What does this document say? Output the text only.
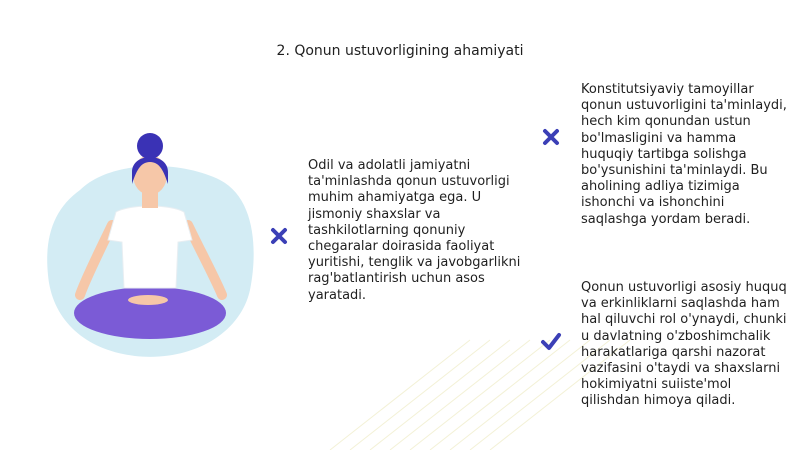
2. Qonun ustuvorligining ahamiyati

Odil va adolatli jamiyatni ta'minlashda qonun ustuvorligi muhim ahamiyatga ega. U jismoniy shaxslar va tashkilotlarning qonuniy chegaralar doirasida faoliyat yuritishi, tenglik va javobgarlikni rag'batlantirish uchun asos yaratadi.

Konstitutsiyaviy tamoyillar qonun ustuvorligini ta'minlaydi, hech kim qonundan ustun bo'lmasligini va hamma huquqiy tartibga solishga bo'ysunishini ta'minlaydi. Bu aholining adliya tizimiga ishonchi va ishonchini saqlashga yordam beradi.

Qonun ustuvorligi asosiy huquq va erkinliklarni saqlashda ham hal qiluvchi rol o'ynaydi, chunki u davlatning o'zboshimchalik harakatlariga qarshi nazorat vazifasini o'taydi va shaxslarni hokimiyatni suiiste'mol qilishdan himoya qiladi.
